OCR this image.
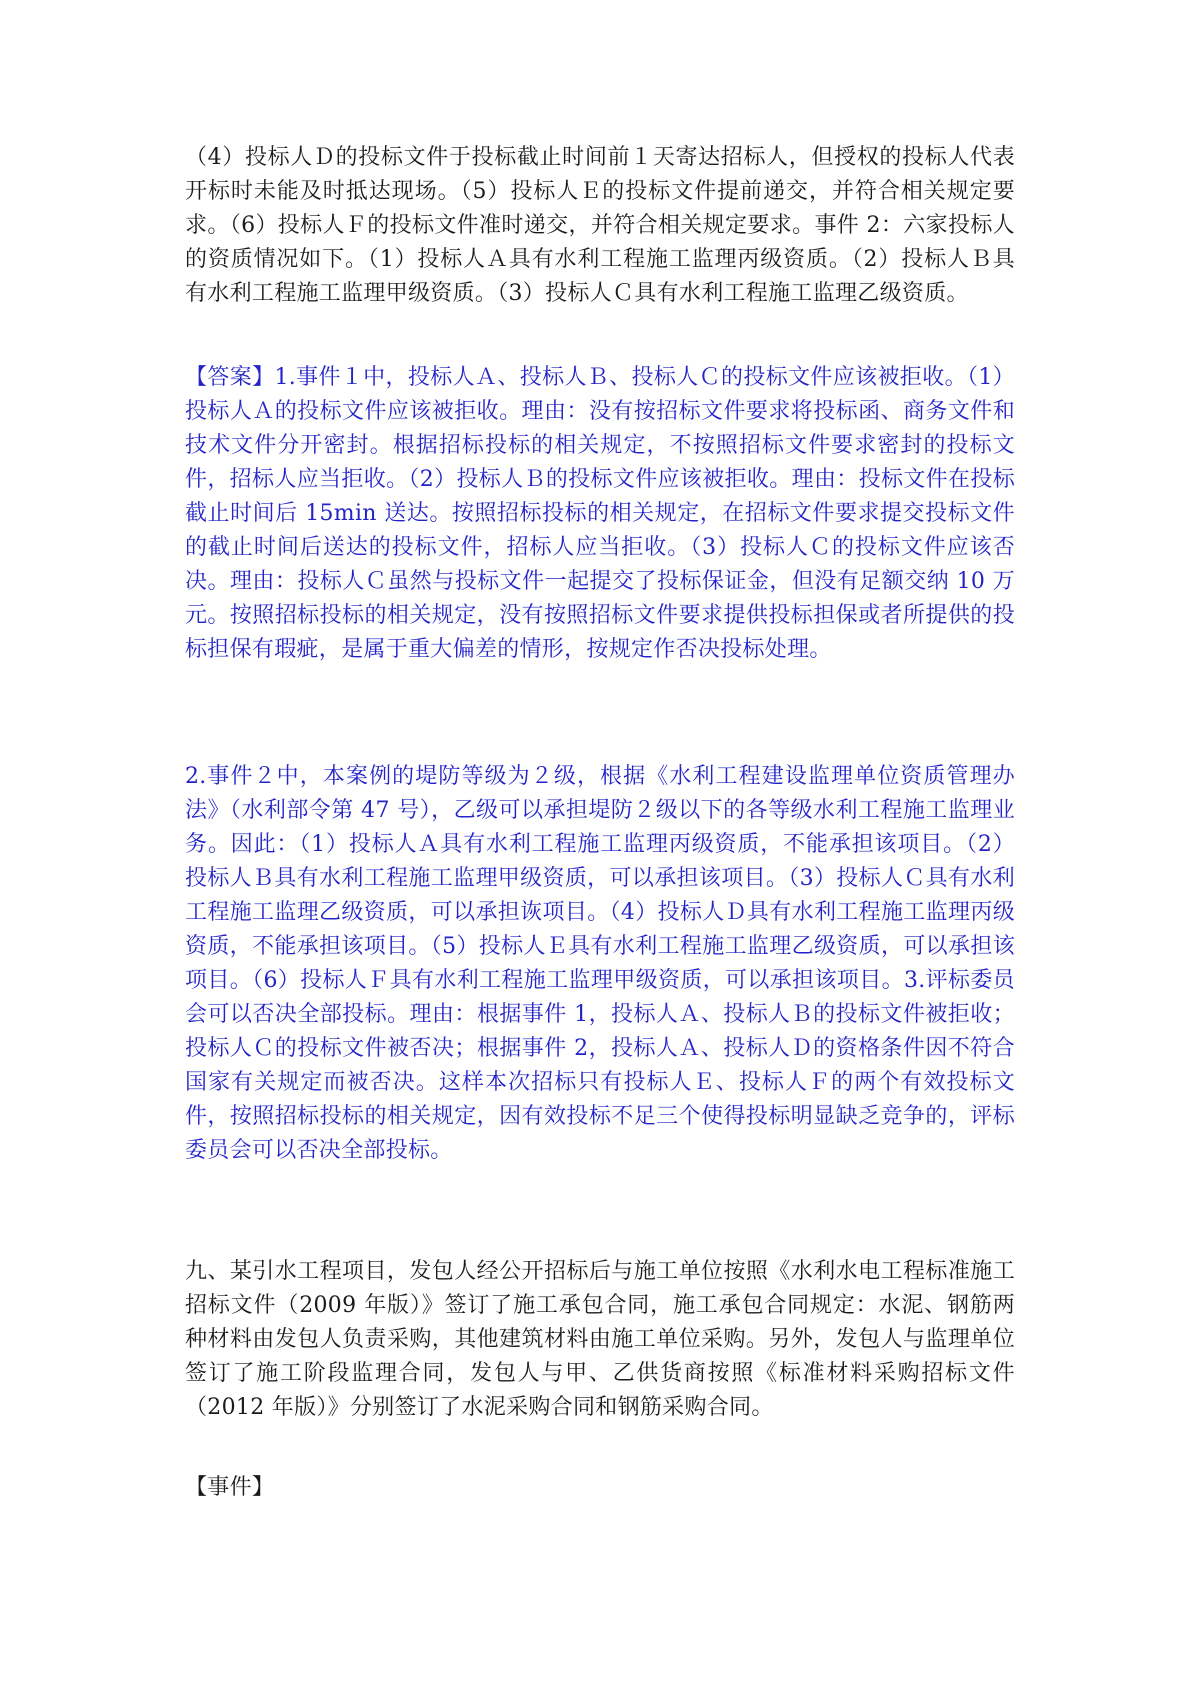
（4）投标人Ｄ的投标文件于投标截止时间前１天寄达招标人，但授权的投标人代表开标时未能及时抵达现场。（5）投标人Ｅ的投标文件提前递交，并符合相关规定要求。（6）投标人Ｆ的投标文件准时递交，并符合相关规定要求。事件 2：六家投标人的资质情况如下。（1）投标人Ａ具有水利工程施工监理丙级资质。（2）投标人Ｂ具有水利工程施工监理甲级资质。（3）投标人Ｃ具有水利工程施工监理乙级资质。

【答案】1.事件１中，投标人Ａ、投标人Ｂ、投标人Ｃ的投标文件应该被拒收。（1）投标人Ａ的投标文件应该被拒收。理由：没有按招标文件要求将投标函、商务文件和技术文件分开密封。根据招标投标的相关规定，不按照招标文件要求密封的投标文件，招标人应当拒收。（2）投标人Ｂ的投标文件应该被拒收。理由：投标文件在投标截止时间后 15min 送达。按照招标投标的相关规定，在招标文件要求提交投标文件的截止时间后送达的投标文件，招标人应当拒收。（3）投标人Ｃ的投标文件应该否决。理由：投标人Ｃ虽然与投标文件一起提交了投标保证金，但没有足额交纳 10 万元。按照招标投标的相关规定，没有按照招标文件要求提供投标担保或者所提供的投标担保有瑕疵，是属于重大偏差的情形，按规定作否决投标处理。

2.事件２中，本案例的堤防等级为２级，根据《水利工程建设监理单位资质管理办法》（水利部令第 47 号），乙级可以承担堤防２级以下的各等级水利工程施工监理业务。因此：（1）投标人Ａ具有水利工程施工监理丙级资质，不能承担该项目。（2）投标人Ｂ具有水利工程施工监理甲级资质，可以承担该项目。（3）投标人Ｃ具有水利工程施工监理乙级资质，可以承担诙项目。（4）投标人Ｄ具有水利工程施工监理丙级资质，不能承担该项目。（5）投标人Ｅ具有水利工程施工监理乙级资质，可以承担该项目。（6）投标人Ｆ具有水利工程施工监理甲级资质，可以承担该项目。3.评标委员会可以否决全部投标。理由：根据事件 1，投标人Ａ、投标人Ｂ的投标文件被拒收；投标人Ｃ的投标文件被否决；根据事件 2，投标人Ａ、投标人Ｄ的资格条件因不符合国家有关规定而被否决。这样本次招标只有投标人Ｅ、投标人Ｆ的两个有效投标文件，按照招标投标的相关规定，因有效投标不足三个使得投标明显缺乏竞争的，评标委员会可以否决全部投标。

九、某引水工程项目，发包人经公开招标后与施工单位按照《水利水电工程标准施工招标文件（2009 年版）》签订了施工承包合同，施工承包合同规定：水泥、钢筋两种材料由发包人负责采购，其他建筑材料由施工单位采购。另外，发包人与监理单位签订了施工阶段监理合同，发包人与甲、乙供货商按照《标准材料采购招标文件（2012 年版）》分别签订了水泥采购合同和钢筋采购合同。

【事件】
